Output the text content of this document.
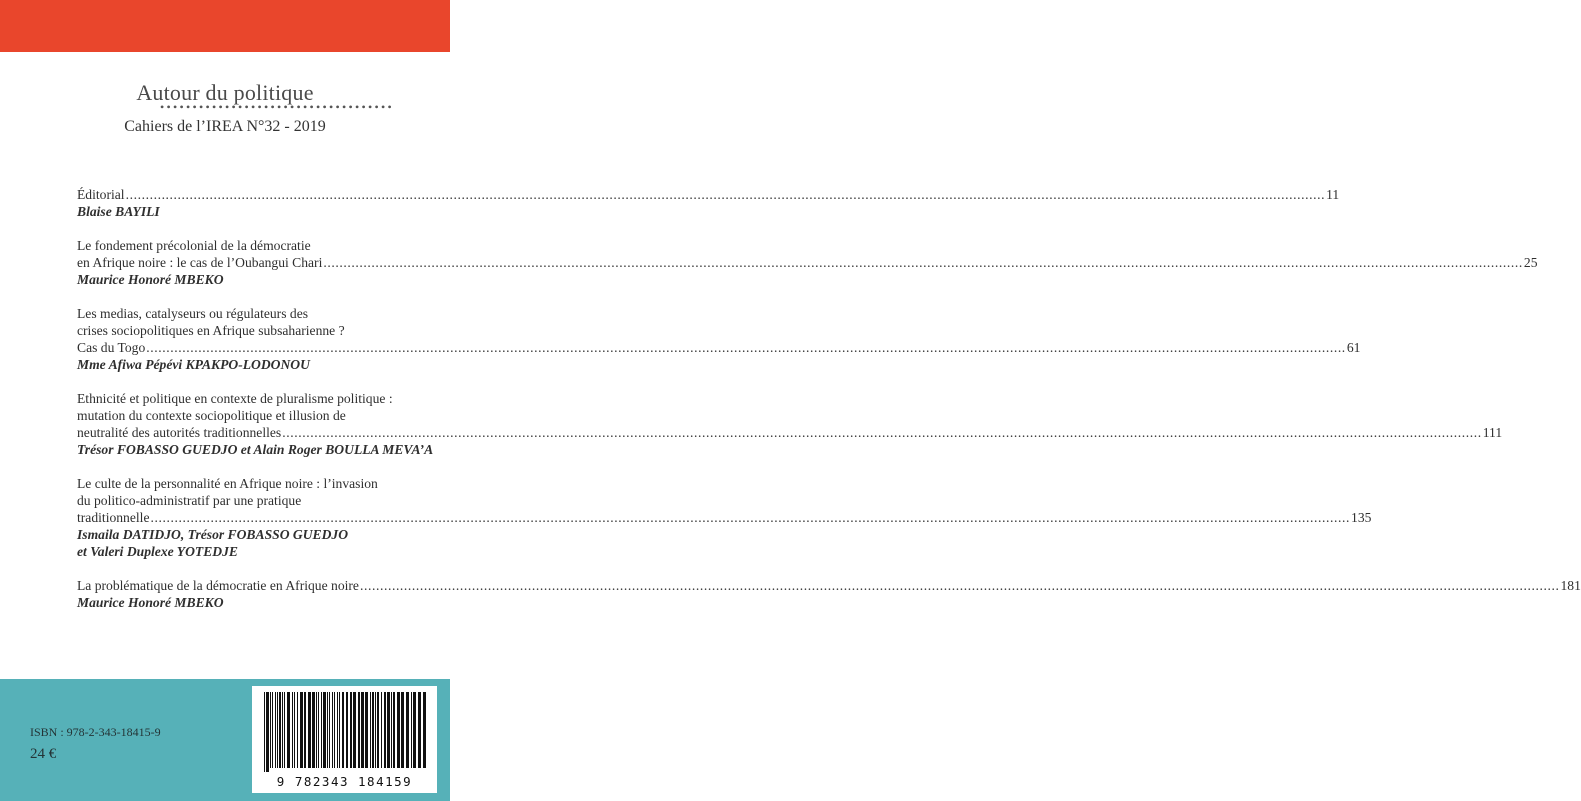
Autour du politique
••••••••••••••••••••••••••••••••••••
Cahiers de l’IREA N°32 - 2019
Éditorial ............................................................................................................................................................................................................................................................................................................ 11
Blaise BAYILI
Le fondement précolonial de la démocratie
en Afrique noire : le cas de l’Oubangui Chari ............................................................................................................................................................................................................................................................................................................ 25
Maurice Honoré MBEKO
Les medias, catalyseurs ou régulateurs des
crises sociopolitiques en Afrique subsaharienne ?
Cas du Togo ............................................................................................................................................................................................................................................................................................................ 61
Mme Afiwa Pépévi KPAKPO-LODONOU
Ethnicité et politique en contexte de pluralisme politique :
mutation du contexte sociopolitique et illusion de
neutralité des autorités traditionnelles ............................................................................................................................................................................................................................................................................................................ 111
Trésor FOBASSO GUEDJO et Alain Roger BOULLA MEVA’A
Le culte de la personnalité en Afrique noire : l’invasion
du politico-administratif par une pratique
traditionnelle ............................................................................................................................................................................................................................................................................................................ 135
Ismaila DATIDJO, Trésor FOBASSO GUEDJO
et Valeri Duplexe YOTEDJE
La problématique de la démocratie en Afrique noire ............................................................................................................................................................................................................................................................................................................ 181
Maurice Honoré MBEKO
ISBN : 978-2-343-18415-9
24 €
9 782343 184159
